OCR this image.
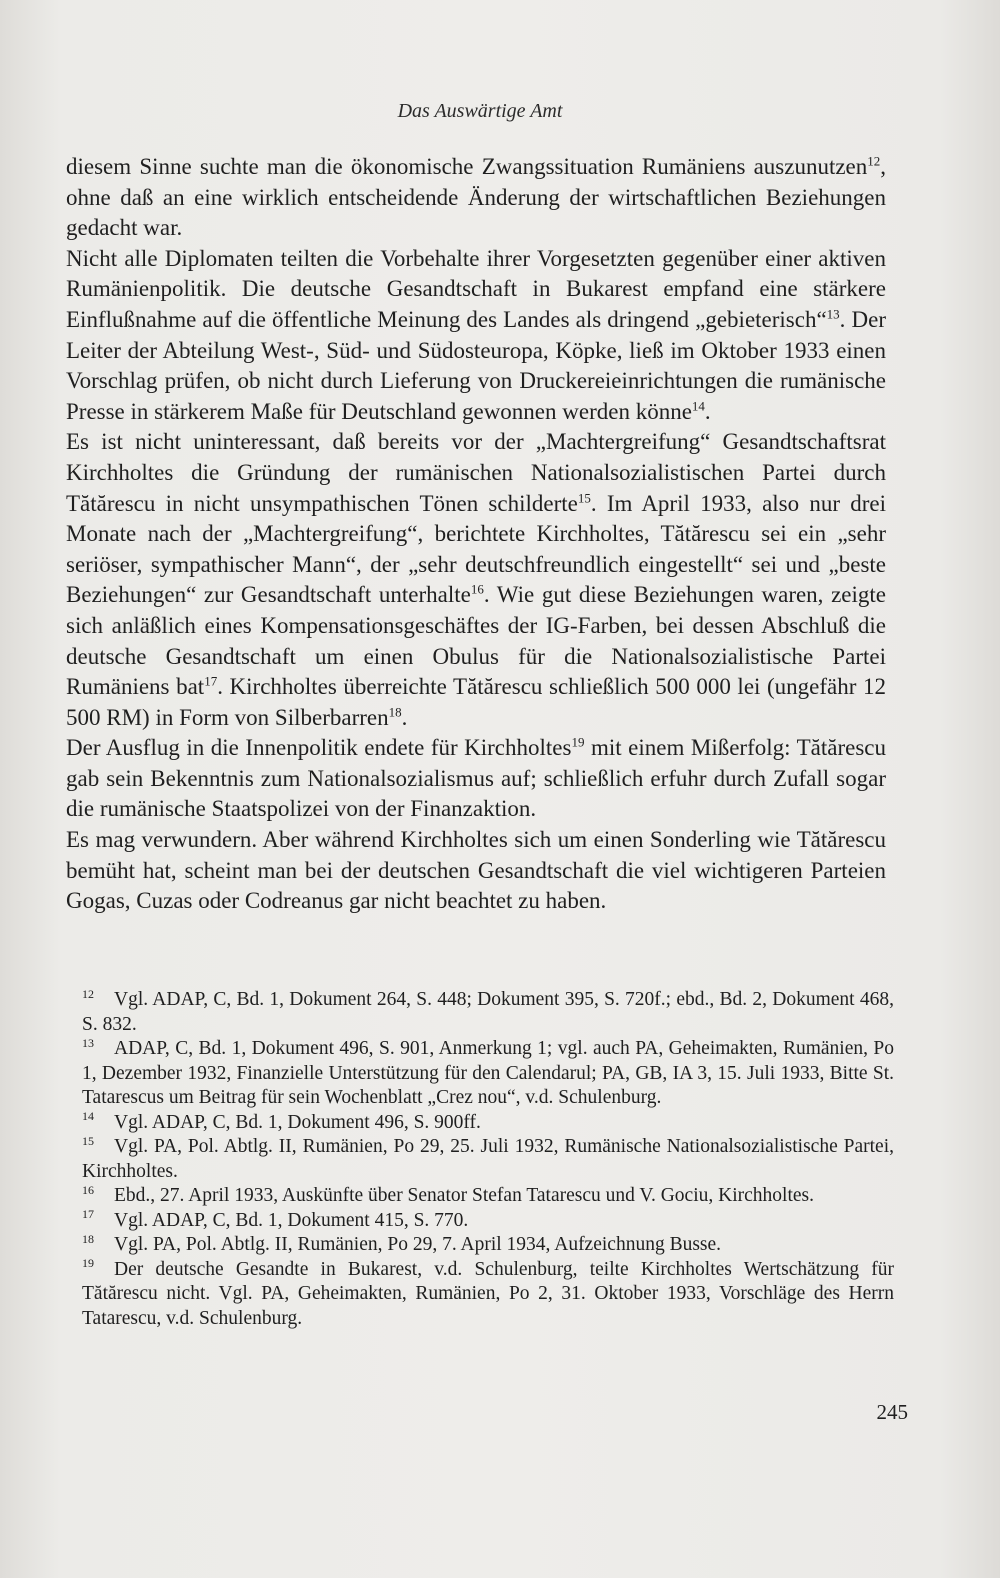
Das Auswärtige Amt

diesem Sinne suchte man die ökonomische Zwangssituation Rumäniens auszunutzen$^{12}$, ohne daß an eine wirklich entscheidende Änderung der wirtschaftlichen Beziehungen gedacht war.

Nicht alle Diplomaten teilten die Vorbehalte ihrer Vorgesetzten gegenüber einer aktiven Rumänienpolitik. Die deutsche Gesandtschaft in Bukarest empfand eine stärkere Einflußnahme auf die öffentliche Meinung des Landes als dringend „gebieterisch“$^{13}$. Der Leiter der Abteilung West-, Süd- und Südosteuropa, Köpke, ließ im Oktober 1933 einen Vorschlag prüfen, ob nicht durch Lieferung von Druckereieinrichtungen die rumänische Presse in stärkerem Maße für Deutschland gewonnen werden könne$^{14}$.

Es ist nicht uninteressant, daß bereits vor der „Machtergreifung“ Gesandtschaftsrat Kirchholtes die Gründung der rumänischen Nationalsozialistischen Partei durch Tătărescu in nicht unsympathischen Tönen schilderte$^{15}$. Im April 1933, also nur drei Monate nach der „Machtergreifung“, berichtete Kirchholtes, Tătărescu sei ein „sehr seriöser, sympathischer Mann“, der „sehr deutschfreundlich eingestellt“ sei und „beste Beziehungen“ zur Gesandtschaft unterhalte$^{16}$. Wie gut diese Beziehungen waren, zeigte sich anläßlich eines Kompensationsgeschäftes der IG-Farben, bei dessen Abschluß die deutsche Gesandtschaft um einen Obulus für die Nationalsozialistische Partei Rumäniens bat$^{17}$. Kirchholtes überreichte Tătărescu schließlich 500 000 lei (ungefähr 12 500 RM) in Form von Silberbarren$^{18}$.

Der Ausflug in die Innenpolitik endete für Kirchholtes$^{19}$ mit einem Mißerfolg: Tătărescu gab sein Bekenntnis zum Nationalsozialismus auf; schließlich erfuhr durch Zufall sogar die rumänische Staatspolizei von der Finanzaktion.

Es mag verwundern. Aber während Kirchholtes sich um einen Sonderling wie Tătărescu bemüht hat, scheint man bei der deutschen Gesandtschaft die viel wichtigeren Parteien Gogas, Cuzas oder Codreanus gar nicht beachtet zu haben.

12 Vgl. ADAP, C, Bd. 1, Dokument 264, S. 448; Dokument 395, S. 720f.; ebd., Bd. 2, Dokument 468, S. 832.

13 ADAP, C, Bd. 1, Dokument 496, S. 901, Anmerkung 1; vgl. auch PA, Geheimakten, Rumänien, Po 1, Dezember 1932, Finanzielle Unterstützung für den Calendarul; PA, GB, IA 3, 15. Juli 1933, Bitte St. Tatarescus um Beitrag für sein Wochenblatt „Crez nou“, v.d. Schulenburg.

14 Vgl. ADAP, C, Bd. 1, Dokument 496, S. 900ff.

15 Vgl. PA, Pol. Abtlg. II, Rumänien, Po 29, 25. Juli 1932, Rumänische Nationalsozialistische Partei, Kirchholtes.

16 Ebd., 27. April 1933, Auskünfte über Senator Stefan Tatarescu und V. Gociu, Kirchholtes.

17 Vgl. ADAP, C, Bd. 1, Dokument 415, S. 770.

18 Vgl. PA, Pol. Abtlg. II, Rumänien, Po 29, 7. April 1934, Aufzeichnung Busse.

19 Der deutsche Gesandte in Bukarest, v.d. Schulenburg, teilte Kirchholtes Wertschätzung für Tătărescu nicht. Vgl. PA, Geheimakten, Rumänien, Po 2, 31. Oktober 1933, Vorschläge des Herrn Tatarescu, v.d. Schulenburg.

245
